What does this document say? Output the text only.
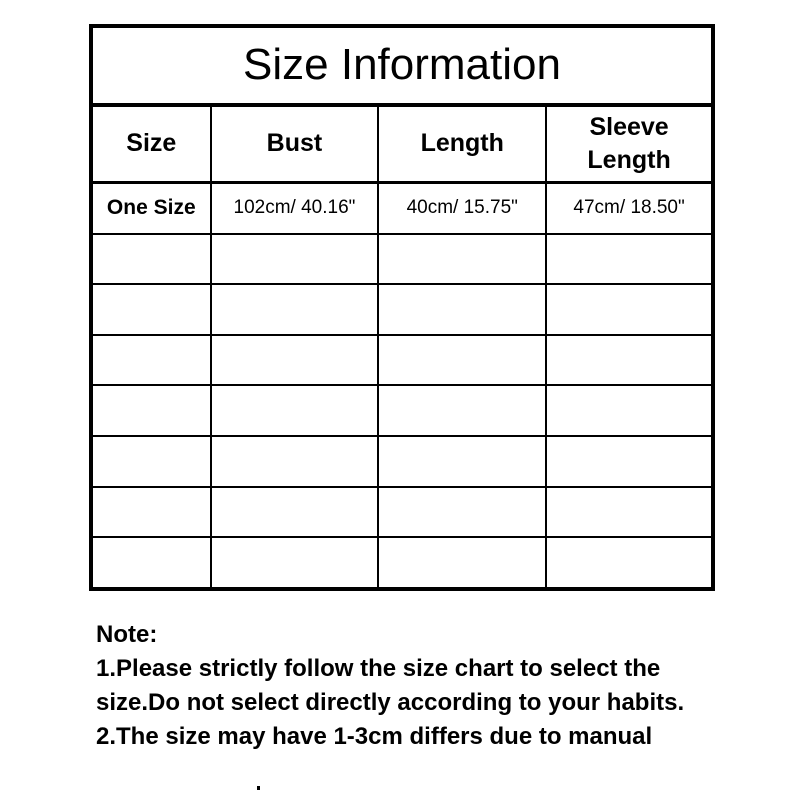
Size Information			
Size	Bust	Length	Sleeve Length
One Size	102cm/ 40.16"	40cm/ 15.75"	47cm/ 18.50"

Note:

1.Please strictly follow the size chart to select the size.Do not select directly according to your habits.

2.The size may have 1-3cm differs due to manual
